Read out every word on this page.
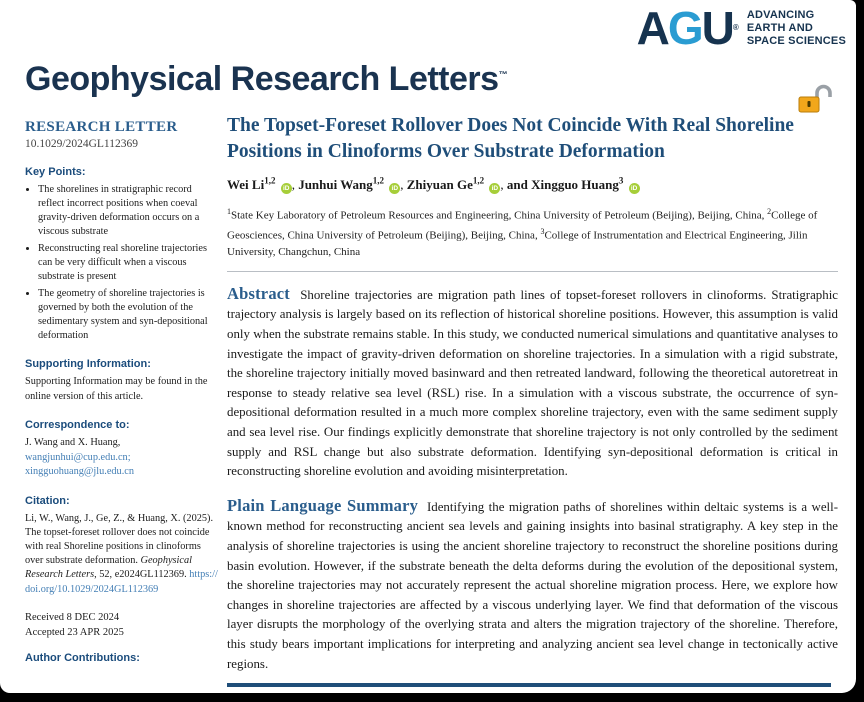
AGU®
ADVANCING
EARTH AND
SPACE SCIENCES
Geophysical Research Letters™
RESEARCH LETTER
10.1029/2024GL112369
Key Points:
• The shorelines in stratigraphic record reflect incorrect positions when coeval gravity-driven deformation occurs on a viscous substrate
• Reconstructing real shoreline trajectories can be very difficult when a viscous substrate is present
• The geometry of shoreline trajectories is governed by both the evolution of the sedimentary system and syn-depositional deformation
Supporting Information:
Supporting Information may be found in the online version of this article.
Correspondence to:
J. Wang and X. Huang,
wangjunhui@cup.edu.cn;
xingguohuang@jlu.edu.cn
Citation:
Li, W., Wang, J., Ge, Z., & Huang, X. (2025). The topset-foreset rollover does not coincide with real Shoreline positions in clinoforms over substrate deformation. Geophysical Research Letters, 52, e2024GL112369. https://doi.org/10.1029/2024GL112369
Received 8 DEC 2024
Accepted 23 APR 2025
Author Contributions:
The Topset-Foreset Rollover Does Not Coincide With Real Shoreline Positions in Clinoforms Over Substrate Deformation
Wei Li$^{1,2}$ iD , Junhui Wang$^{1,2}$ iD , Zhiyuan Ge$^{1,2}$ iD , and Xingguo Huang$^3$ iD
$^1$State Key Laboratory of Petroleum Resources and Engineering, China University of Petroleum (Beijing), Beijing, China, $^2$College of Geosciences, China University of Petroleum (Beijing), Beijing, China, $^3$College of Instrumentation and Electrical Engineering, Jilin University, Changchun, China

Abstract Shoreline trajectories are migration path lines of topset-foreset rollovers in clinoforms. Stratigraphic trajectory analysis is largely based on its reflection of historical shoreline positions. However, this assumption is valid only when the substrate remains stable. In this study, we conducted numerical simulations and quantitative analyses to investigate the impact of gravity-driven deformation on shoreline trajectories. In a simulation with a rigid substrate, the shoreline trajectory initially moved basinward and then retreated landward, following the theoretical autoretreat in response to steady relative sea level (RSL) rise. In a simulation with a viscous substrate, the occurrence of syn-depositional deformation resulted in a much more complex shoreline trajectory, even with the same sediment supply and sea level rise. Our findings explicitly demonstrate that shoreline trajectory is not only controlled by the sediment supply and RSL change but also substrate deformation. Identifying syn-depositional deformation is critical in reconstructing shoreline evolution and avoiding misinterpretation.

Plain Language Summary Identifying the migration paths of shorelines within deltaic systems is a well-known method for reconstructing ancient sea levels and gaining insights into basinal stratigraphy. A key step in the analysis of shoreline trajectories is using the ancient shoreline trajectory to reconstruct the shoreline positions during basin evolution. However, if the substrate beneath the delta deforms during the evolution of the depositional system, the shoreline trajectories may not accurately represent the actual shoreline migration process. Here, we explore how changes in shoreline trajectories are affected by a viscous underlying layer. We find that deformation of the viscous layer disrupts the morphology of the overlying strata and alters the migration trajectory of the shoreline. Therefore, this study bears important implications for interpreting and analyzing ancient sea level change in tectonically active regions.
